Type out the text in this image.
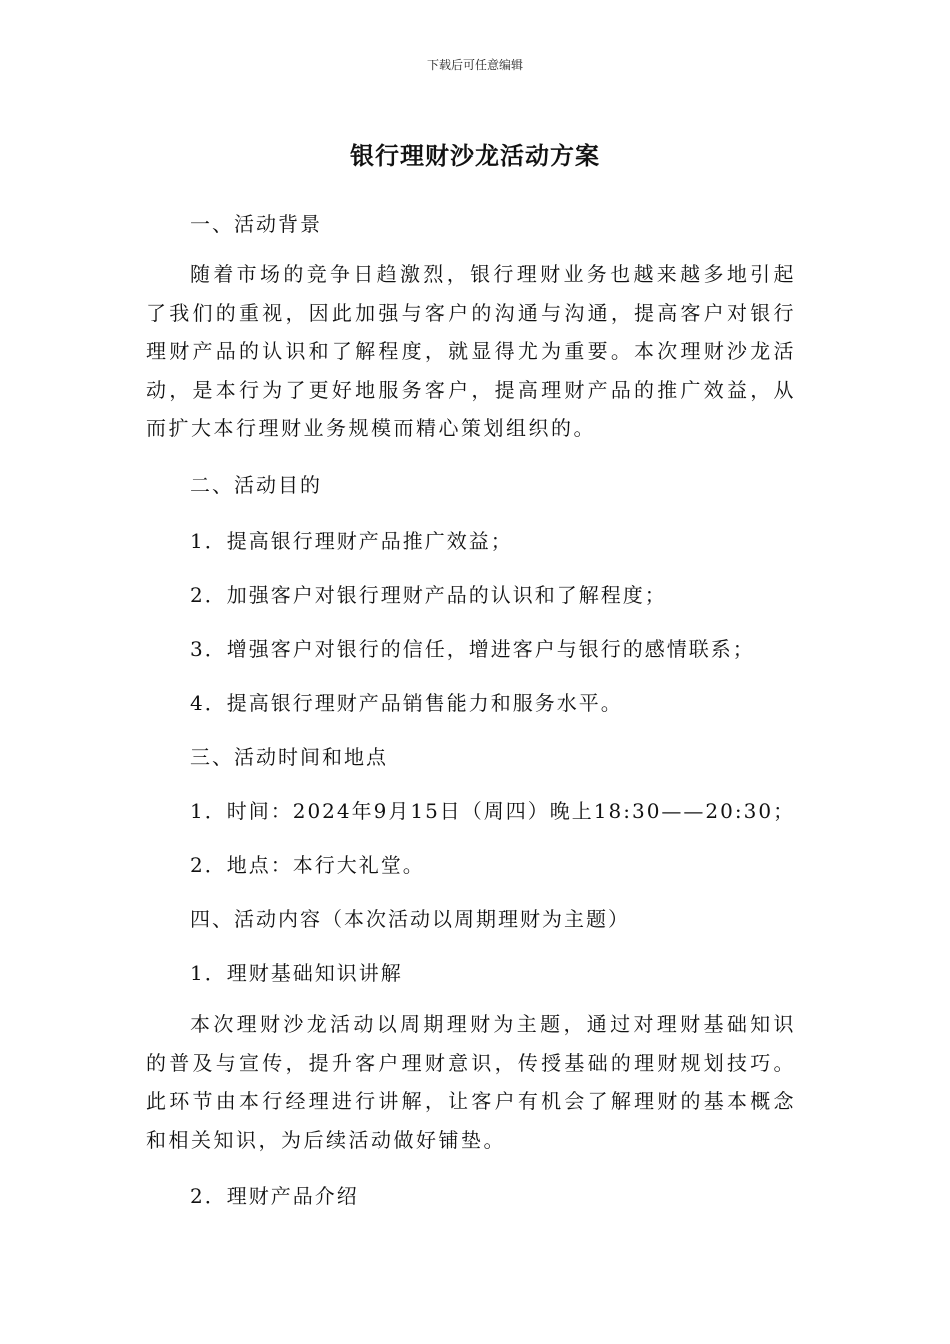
下载后可任意编辑
银行理财沙龙活动方案
一、活动背景
随着市场的竞争日趋激烈，银行理财业务也越来越多地引起了我们的重视，因此加强与客户的沟通与沟通，提高客户对银行理财产品的认识和了解程度，就显得尤为重要。本次理财沙龙活动，是本行为了更好地服务客户，提高理财产品的推广效益，从而扩大本行理财业务规模而精心策划组织的。
二、活动目的
1．提高银行理财产品推广效益；
2．加强客户对银行理财产品的认识和了解程度；
3．增强客户对银行的信任，增进客户与银行的感情联系；
4．提高银行理财产品销售能力和服务水平。
三、活动时间和地点
1．时间：2024年9月15日（周四）晚上18:30——20:30；
2．地点：本行大礼堂。
四、活动内容（本次活动以周期理财为主题）
1．理财基础知识讲解
本次理财沙龙活动以周期理财为主题，通过对理财基础知识的普及与宣传，提升客户理财意识，传授基础的理财规划技巧。此环节由本行经理进行讲解，让客户有机会了解理财的基本概念和相关知识，为后续活动做好铺垫。
2．理财产品介绍
